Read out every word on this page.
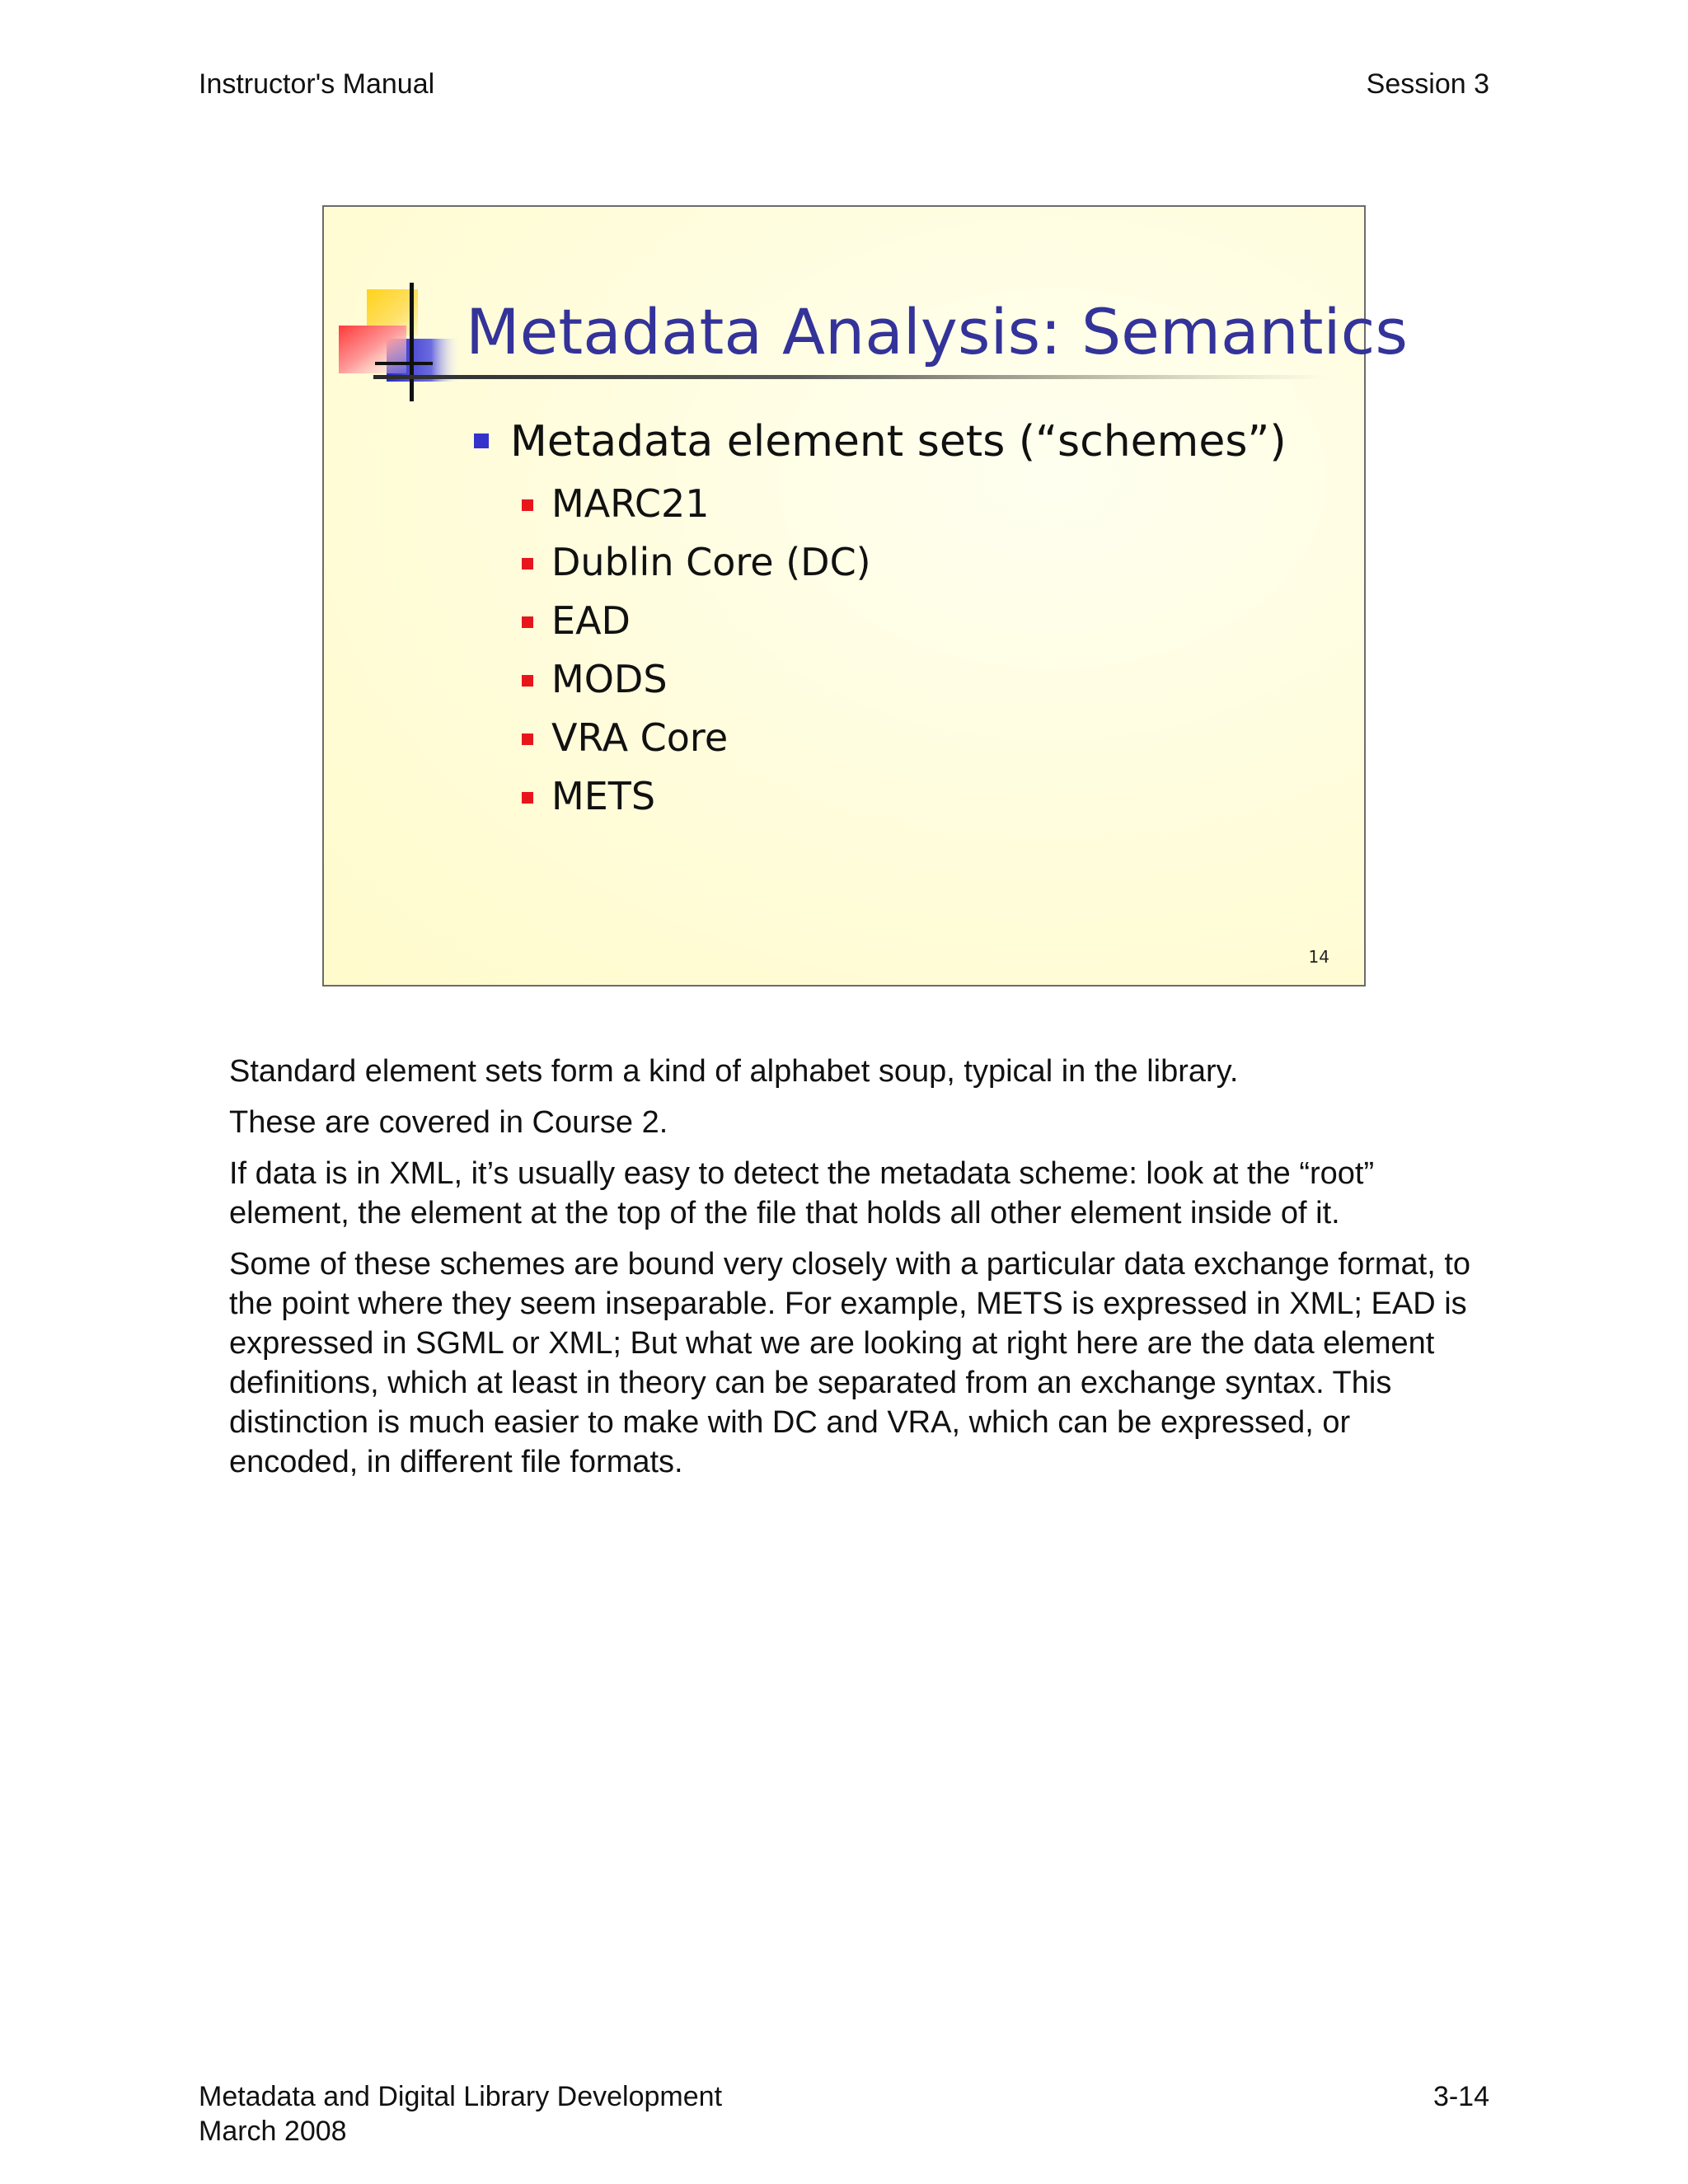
Instructor's Manual	Session 3
Metadata Analysis: Semantics
Metadata element sets (“schemes”)
MARC21
Dublin Core (DC)
EAD
MODS
VRA Core
METS
14

Standard element sets form a kind of alphabet soup, typical in the library.

These are covered in Course 2.

If data is in XML, it’s usually easy to detect the metadata scheme: look at the “root” element, the element at the top of the file that holds all other element inside of it.

Some of these schemes are bound very closely with a particular data exchange format, to the point where they seem inseparable. For example, METS is expressed in XML; EAD is expressed in SGML or XML; But what we are looking at right here are the data element definitions, which at least in theory can be separated from an exchange syntax. This distinction is much easier to make with DC and VRA, which can be expressed, or encoded, in different file formats.

Metadata and Digital Library Development
March 2008
3-14
